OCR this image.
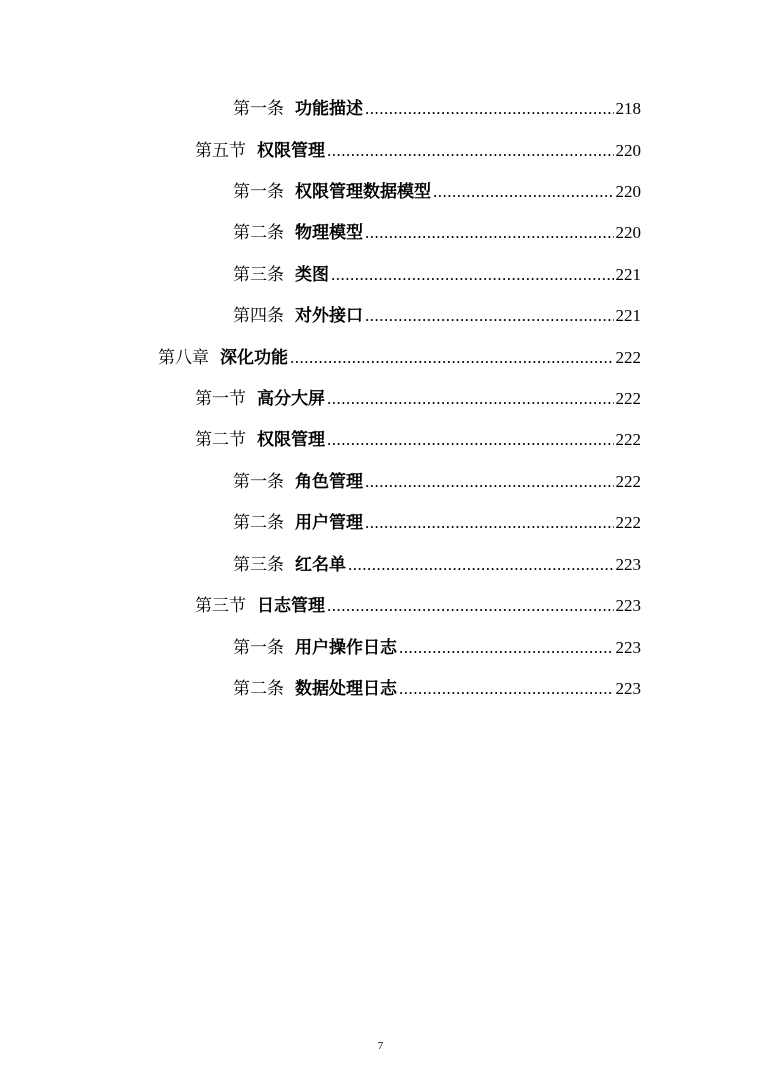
第一条 功能描述 .....	218
第五节 权限管理 .....	220
第一条 权限管理数据模型 .....	220
第二条 物理模型 .....	220
第三条 类图 .....	221
第四条 对外接口 .....	221
第八章 深化功能 .....	222
第一节 高分大屏 .....	222
第二节 权限管理 .....	222
第一条 角色管理 .....	222
第二条 用户管理 .....	222
第三条 红名单 .....	223
第三节 日志管理 .....	223
第一条 用户操作日志 .....	223
第二条 数据处理日志 .....	223
7
